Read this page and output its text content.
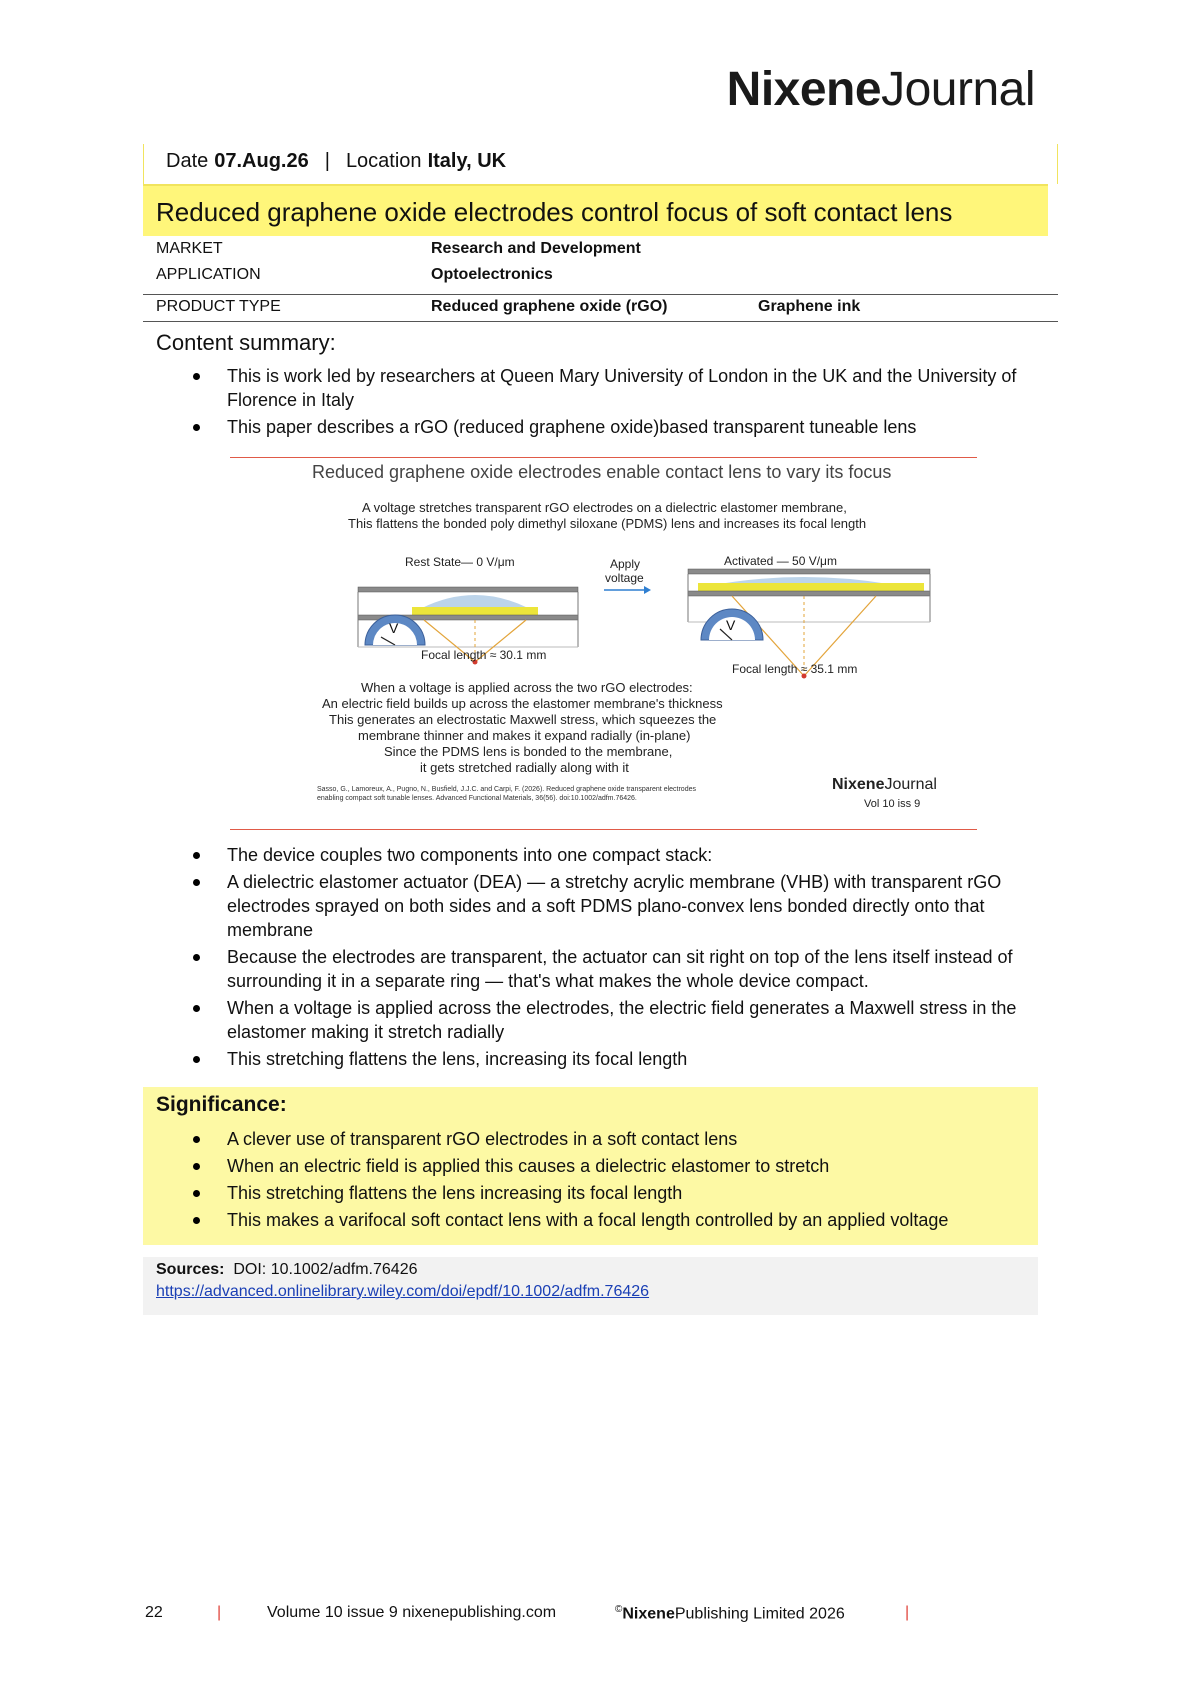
NixeneJournal
Date 07.Aug.26 | Location Italy, UK
Reduced graphene oxide electrodes control focus of soft contact lens
MARKET	Research and Development
APPLICATION	Optoelectronics
PRODUCT TYPE	Reduced graphene oxide (rGO)	Graphene ink
Content summary:
This is work led by researchers at Queen Mary University of London in the UK and the University of Florence in Italy
This paper describes a rGO (reduced graphene oxide)based transparent tuneable lens
Reduced graphene oxide electrodes enable contact lens to vary its focus
A voltage stretches transparent rGO electrodes on a dielectric elastomer membrane,
This flattens the bonded poly dimethyl siloxane (PDMS) lens and increases its focal length
Rest State— 0 V/μm	Apply
voltage
Activated — 50 V/μm
V	V
Focal length ≈ 30.1 mm
Focal length ≈ 35.1 mm
When a voltage is applied across the two rGO electrodes:
An electric field builds up across the elastomer membrane's thickness
This generates an electrostatic Maxwell stress, which squeezes the
membrane thinner and makes it expand radially (in-plane)
Since the PDMS lens is bonded to the membrane,
it gets stretched radially along with it
Sasso, G., Lamoreux, A., Pugno, N., Busfield, J.J.C. and Carpi, F. (2026). Reduced graphene oxide transparent electrodes
enabling compact soft tunable lenses. Advanced Functional Materials, 36(56). doi:10.1002/adfm.76426.
NixeneJournal
Vol 10 iss 9
The device couples two components into one compact stack:
A dielectric elastomer actuator (DEA) — a stretchy acrylic membrane (VHB) with transparent rGO electrodes sprayed on both sides and a soft PDMS plano-convex lens bonded directly onto that membrane
Because the electrodes are transparent, the actuator can sit right on top of the lens itself instead of surrounding it in a separate ring — that's what makes the whole device compact.
When a voltage is applied across the electrodes, the electric field generates a Maxwell stress in the elastomer making it stretch radially
This stretching flattens the lens, increasing its focal length
Significance:
A clever use of transparent rGO electrodes in a soft contact lens
When an electric field is applied this causes a dielectric elastomer to stretch
This stretching flattens the lens increasing its focal length
This makes a varifocal soft contact lens with a focal length controlled by an applied voltage
Sources: DOI: 10.1002/adfm.76426
https://advanced.onlinelibrary.wiley.com/doi/epdf/10.1002/adfm.76426
22	|	Volume 10 issue 9 nixenepublishing.com	©NixenePublishing Limited 2026	|
